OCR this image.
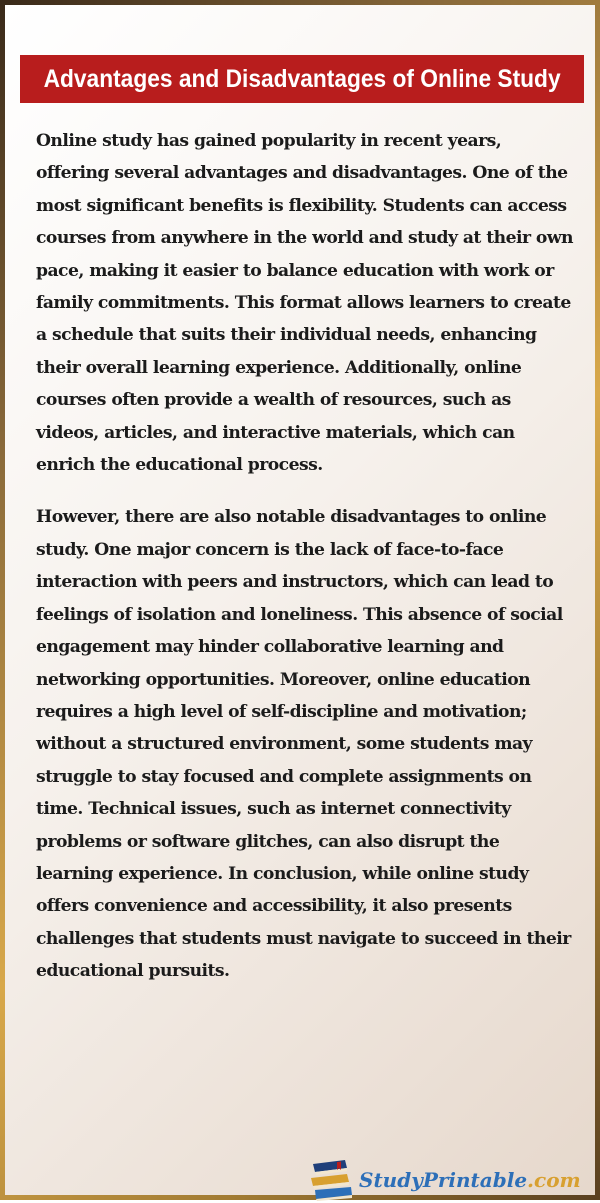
Advantages and Disadvantages of Online Study

Online study has gained popularity in recent years, offering several advantages and disadvantages. One of the most significant benefits is flexibility. Students can access courses from anywhere in the world and study at their own pace, making it easier to balance education with work or family commitments. This format allows learners to create a schedule that suits their individual needs, enhancing their overall learning experience. Additionally, online courses often provide a wealth of resources, such as videos, articles, and interactive materials, which can enrich the educational process.

However, there are also notable disadvantages to online study. One major concern is the lack of face-to-face interaction with peers and instructors, which can lead to feelings of isolation and loneliness. This absence of social engagement may hinder collaborative learning and networking opportunities. Moreover, online education requires a high level of self-discipline and motivation; without a structured environment, some students may struggle to stay focused and complete assignments on time. Technical issues, such as internet connectivity problems or software glitches, can also disrupt the learning experience. In conclusion, while online study offers convenience and accessibility, it also presents challenges that students must navigate to succeed in their educational pursuits.

StudyPrintable.com
